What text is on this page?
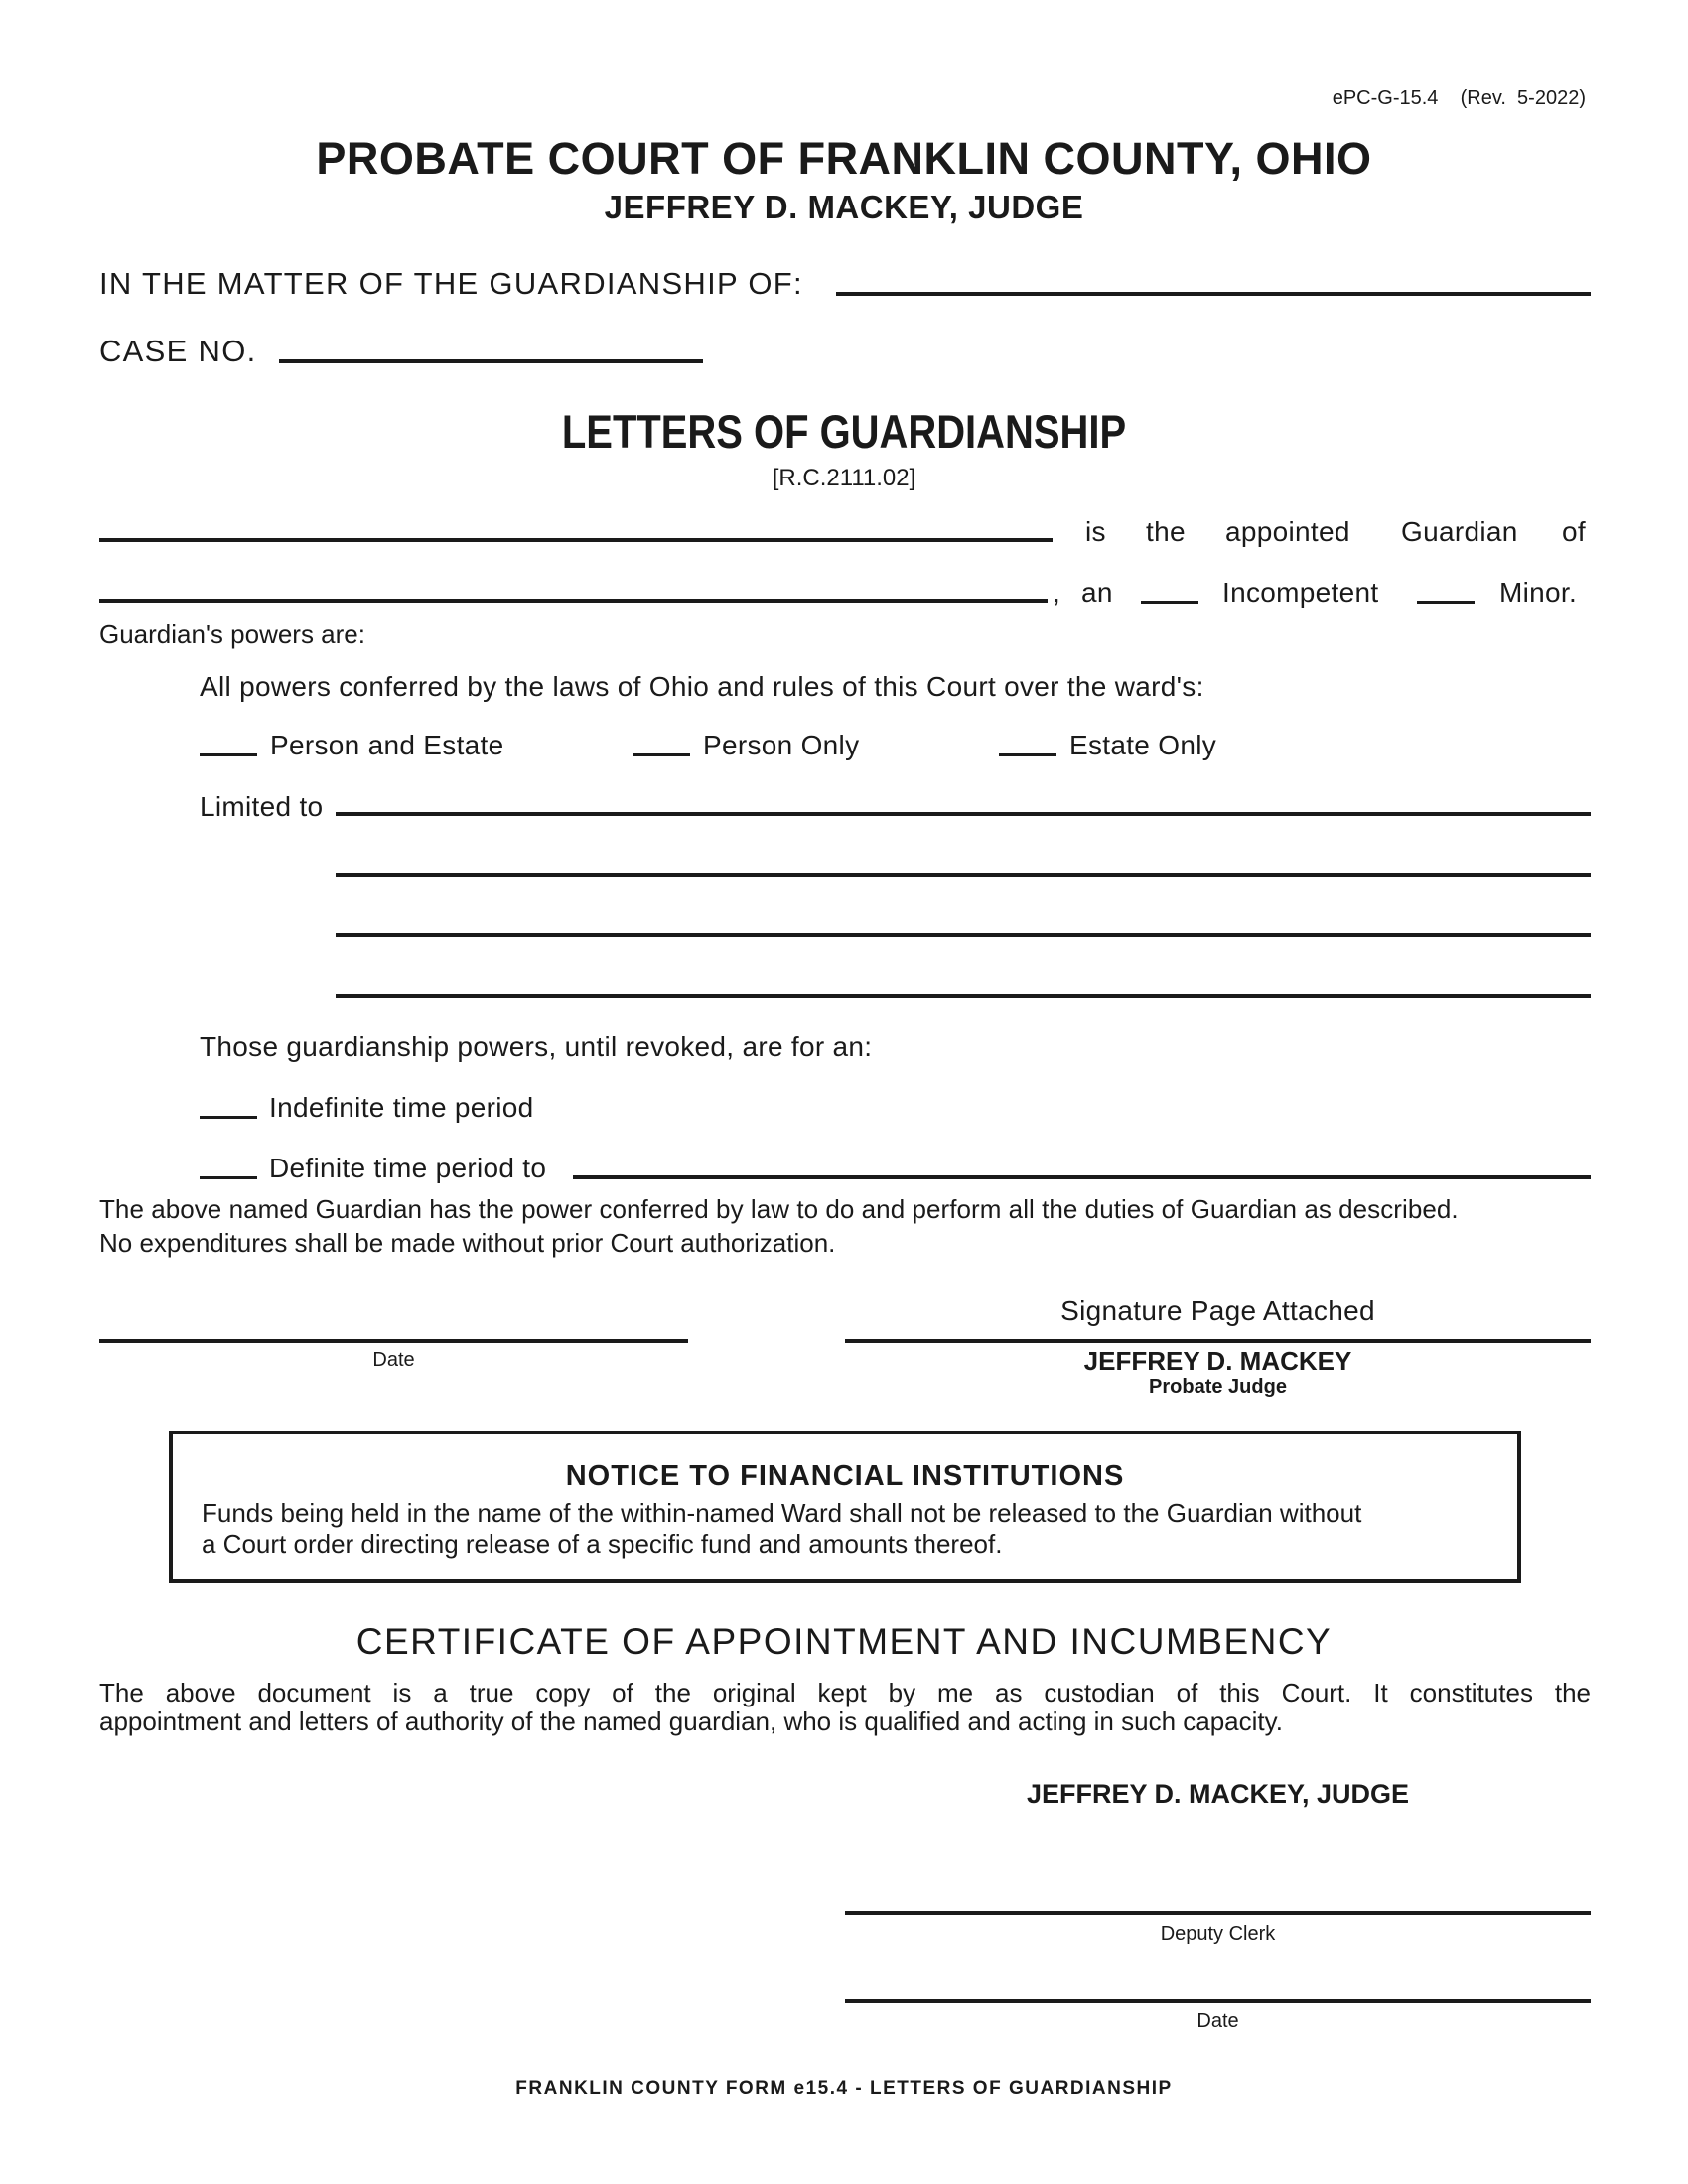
ePC-G-15.4    (Rev.  5-2022)
PROBATE COURT OF FRANKLIN COUNTY, OHIO
JEFFREY D. MACKEY, JUDGE
IN THE MATTER OF THE GUARDIANSHIP OF:
CASE NO.
LETTERS OF GUARDIANSHIP
[R.C.2111.02]
is the appointed Guardian of
, an	Incompetent	Minor.
Guardian's powers are:
All powers conferred by the laws of Ohio and rules of this Court over the ward's:
Person and Estate	Person Only	Estate Only
Limited to
Those guardianship powers, until revoked, are for an:
Indefinite time period
Definite time period to
The above named Guardian has the power conferred by law to do and perform all the duties of Guardian as described.
No expenditures shall be made without prior Court authorization.
Signature Page Attached
Date	JEFFREY D. MACKEY
Probate Judge
NOTICE TO FINANCIAL INSTITUTIONS
Funds being held in the name of the within-named Ward shall not be released to the Guardian without
a Court order directing release of a specific fund and amounts thereof.
CERTIFICATE OF APPOINTMENT AND INCUMBENCY
The above document is a true copy of the original kept by me as custodian of this Court. It constitutes the
appointment and letters of authority of the named guardian, who is qualified and acting in such capacity.
JEFFREY D. MACKEY, JUDGE
Deputy Clerk
Date
FRANKLIN COUNTY FORM e15.4 - LETTERS OF GUARDIANSHIP
